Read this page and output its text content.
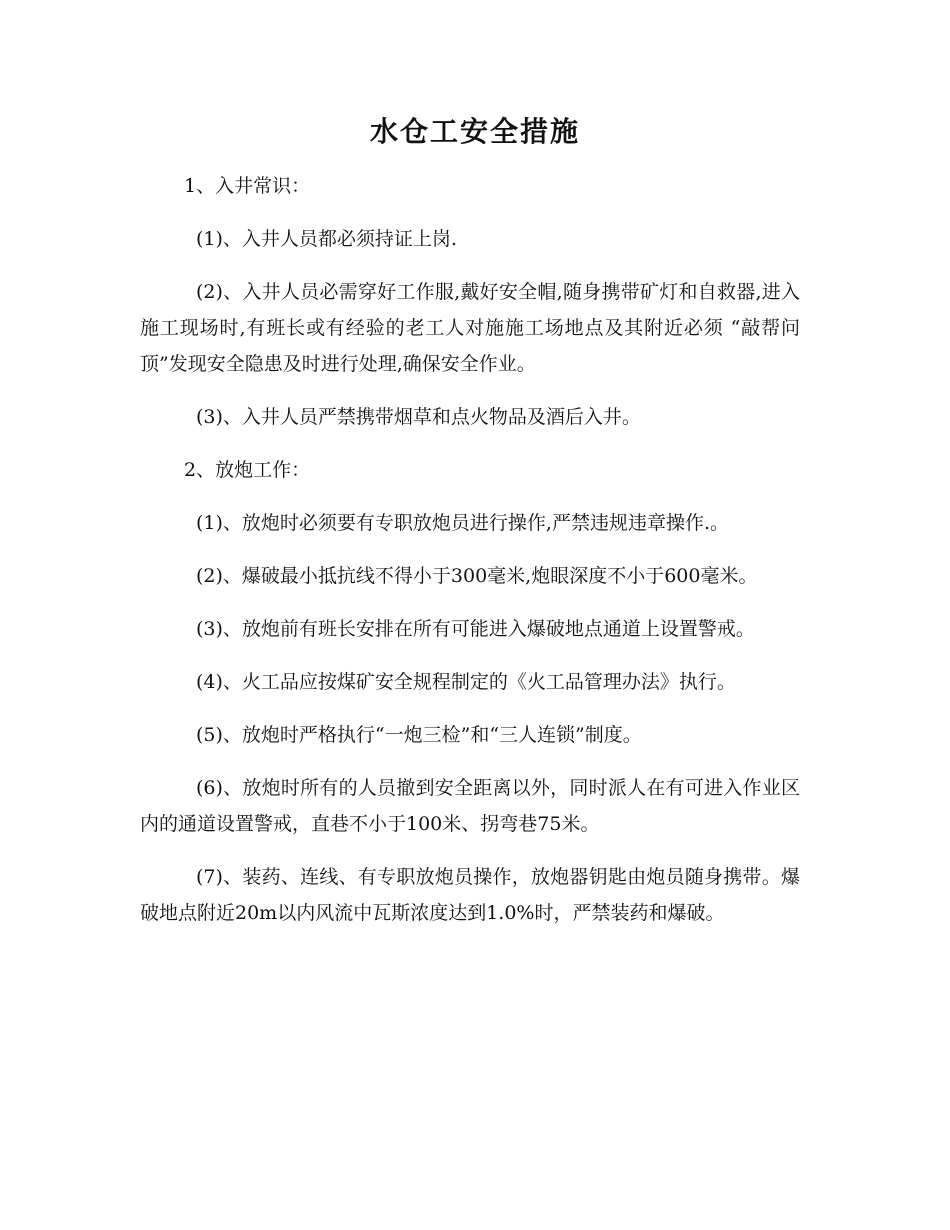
水仓工安全措施

1、入井常识：

(1)、入井人员都必须持证上岗.

(2)、入井人员必需穿好工作服,戴好安全帽,随身携带矿灯和自救器,进入施工现场时,有班长或有经验的老工人对施施工场地点及其附近必须 “敲帮问顶”发现安全隐患及时进行处理,确保安全作业。

(3)、入井人员严禁携带烟草和点火物品及酒后入井。

2、放炮工作：

(1)、放炮时必须要有专职放炮员进行操作,严禁违规违章操作.。

(2)、爆破最小抵抗线不得小于300毫米,炮眼深度不小于600毫米。

(3)、放炮前有班长安排在所有可能进入爆破地点通道上设置警戒。

(4)、火工品应按煤矿安全规程制定的《火工品管理办法》执行。

(5)、放炮时严格执行“一炮三检”和“三人连锁”制度。

(6)、放炮时所有的人员撤到安全距离以外，同时派人在有可进入作业区内的通道设置警戒，直巷不小于100米、拐弯巷75米。

(7)、装药、连线、有专职放炮员操作，放炮器钥匙由炮员随身携带。爆破地点附近20m以内风流中瓦斯浓度达到1.0%时，严禁装药和爆破。
